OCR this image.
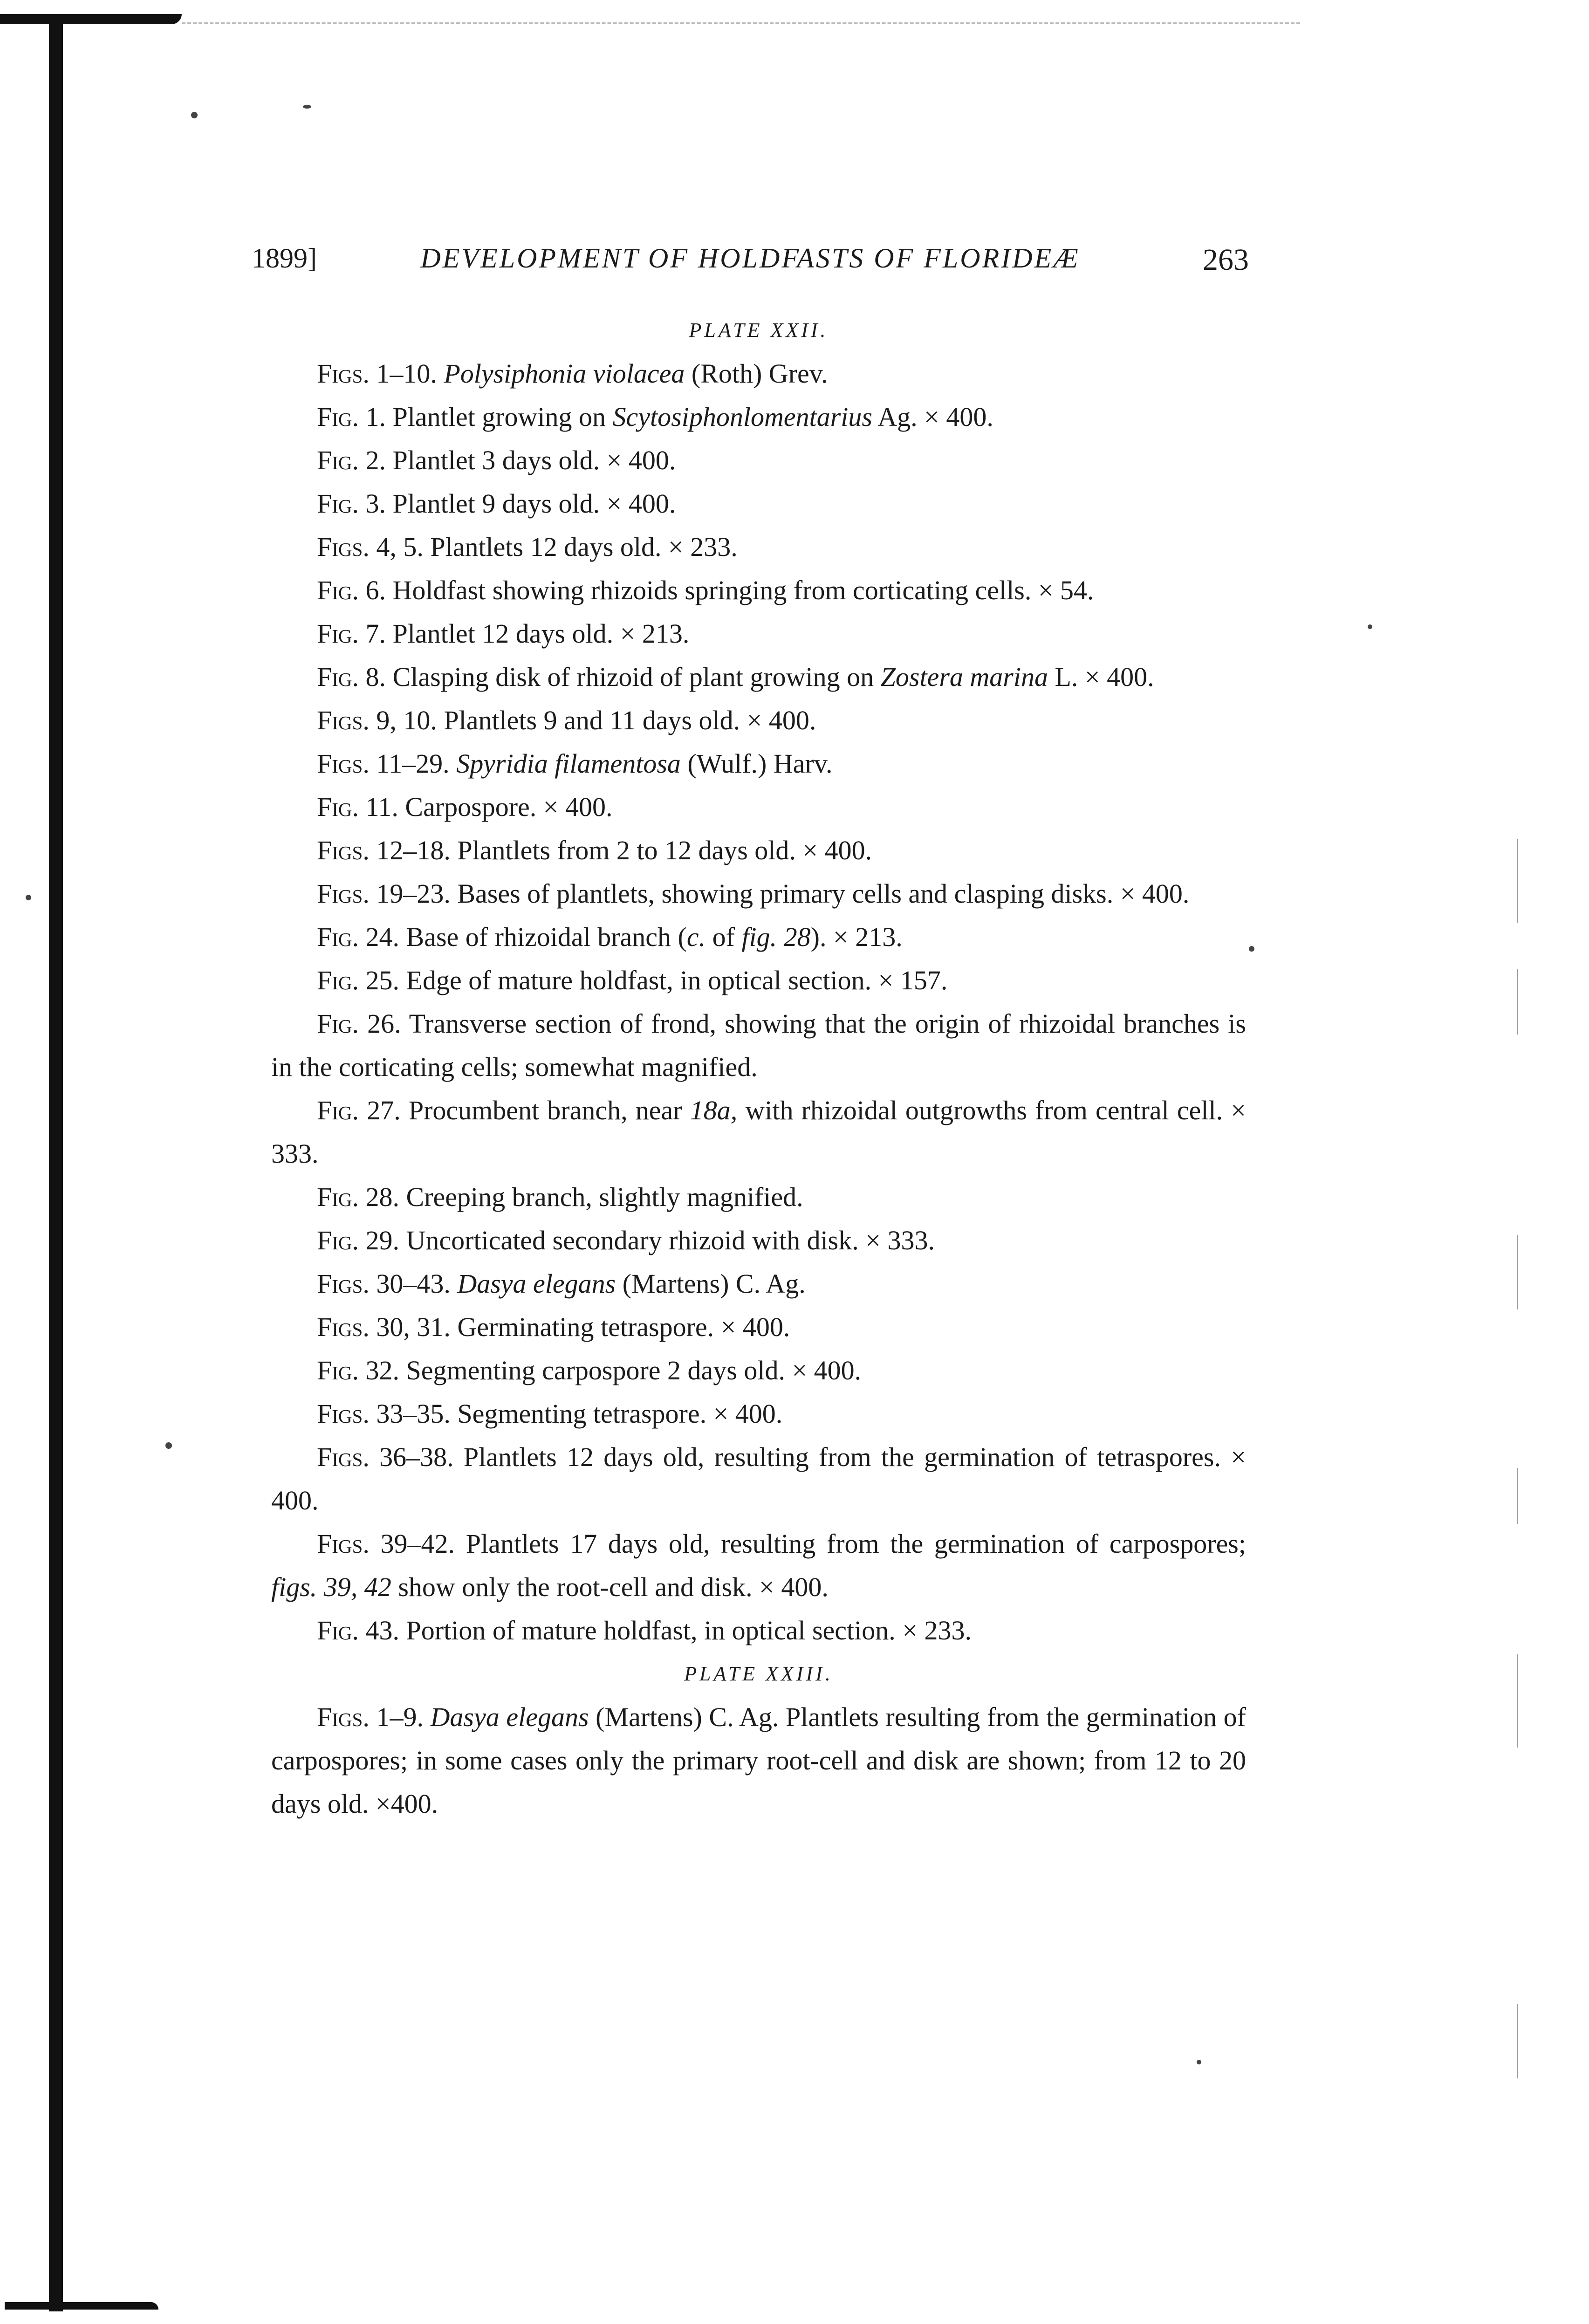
1899]	DEVELOPMENT OF HOLDFASTS OF FLORIDEÆ	263

PLATE XXII.

Figs. 1–10. Polysiphonia violacea (Roth) Grev.

Fig. 1. Plantlet growing on Scytosiphonlomentarius Ag. × 400.

Fig. 2. Plantlet 3 days old. × 400.

Fig. 3. Plantlet 9 days old. × 400.

Figs. 4, 5. Plantlets 12 days old. × 233.

Fig. 6. Holdfast showing rhizoids springing from corticating cells. × 54.

Fig. 7. Plantlet 12 days old. × 213.

Fig. 8. Clasping disk of rhizoid of plant growing on Zostera marina L. × 400.

Figs. 9, 10. Plantlets 9 and 11 days old. × 400.

Figs. 11–29. Spyridia filamentosa (Wulf.) Harv.

Fig. 11. Carpospore. × 400.

Figs. 12–18. Plantlets from 2 to 12 days old. × 400.

Figs. 19–23. Bases of plantlets, showing primary cells and clasping disks. × 400.

Fig. 24. Base of rhizoidal branch (c. of fig. 28). × 213.

Fig. 25. Edge of mature holdfast, in optical section. × 157.

Fig. 26. Transverse section of frond, showing that the origin of rhizoidal branches is in the corticating cells; somewhat magnified.

Fig. 27. Procumbent branch, near 18a, with rhizoidal outgrowths from central cell. × 333.

Fig. 28. Creeping branch, slightly magnified.

Fig. 29. Uncorticated secondary rhizoid with disk. × 333.

Figs. 30–43. Dasya elegans (Martens) C. Ag.

Figs. 30, 31. Germinating tetraspore. × 400.

Fig. 32. Segmenting carpospore 2 days old. × 400.

Figs. 33–35. Segmenting tetraspore. × 400.

Figs. 36–38. Plantlets 12 days old, resulting from the germination of tetraspores. × 400.

Figs. 39–42. Plantlets 17 days old, resulting from the germination of carpospores; figs. 39, 42 show only the root-cell and disk. × 400.

Fig. 43. Portion of mature holdfast, in optical section. × 233.

PLATE XXIII.

Figs. 1–9. Dasya elegans (Martens) C. Ag. Plantlets resulting from the germination of carpospores; in some cases only the primary root-cell and disk are shown; from 12 to 20 days old. ×400.
